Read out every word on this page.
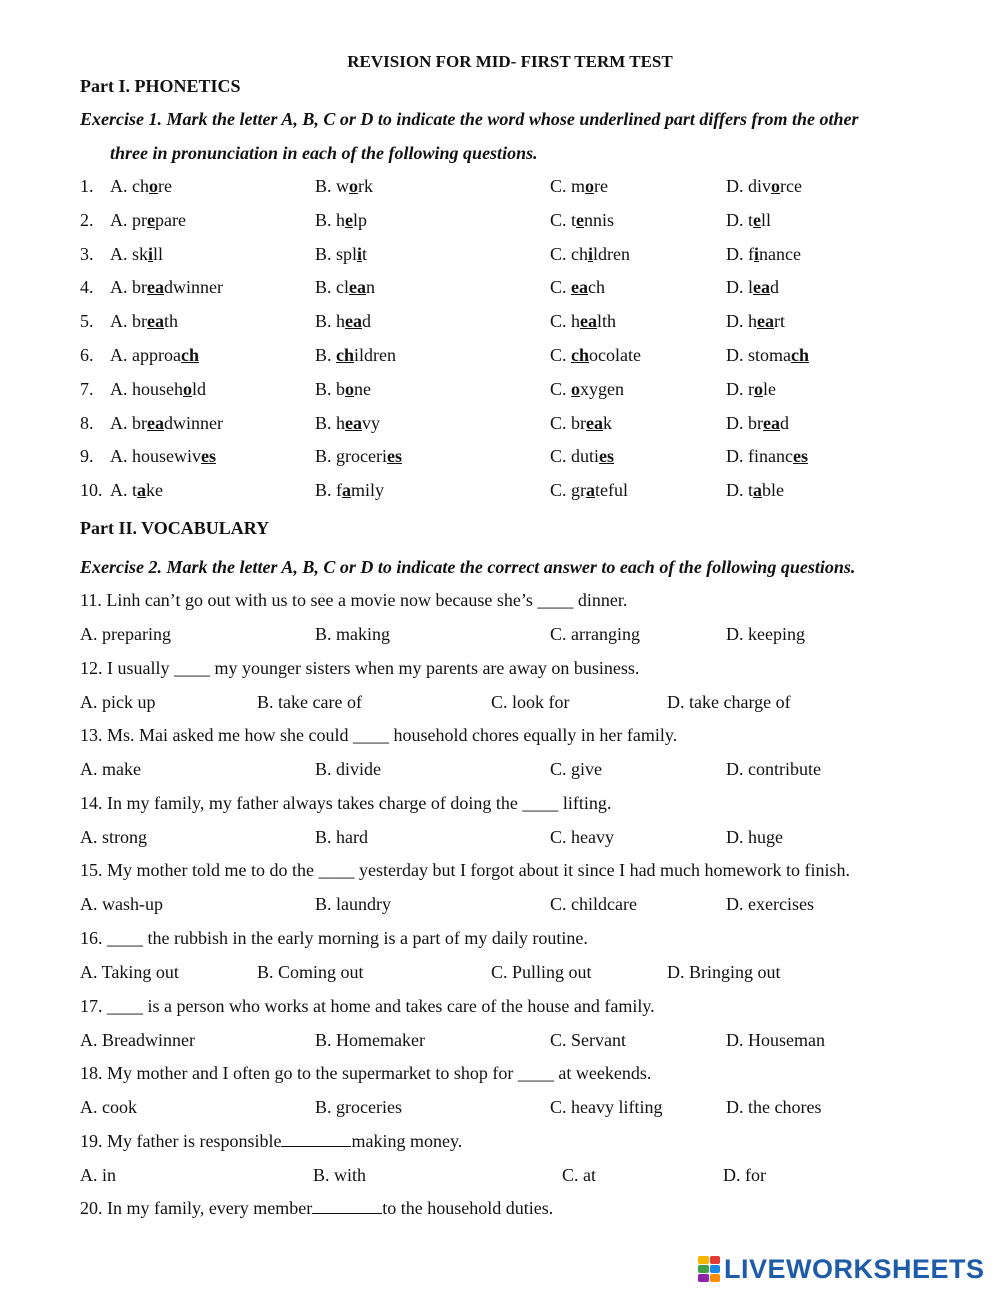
REVISION FOR MID- FIRST TERM TEST
Part I. PHONETICS
Exercise 1. Mark the letter A, B, C or D to indicate the word whose underlined part differs from the other
three in pronunciation in each of the following questions.
1. A. chore	B. work	C. more	D. divorce
2. A. prepare	B. help	C. tennis	D. tell
3. A. skill	B. split	C. children	D. finance
4. A. breadwinner	B. clean	C. each	D. lead
5. A. breath	B. head	C. health	D. heart
6. A. approach	B. children	C. chocolate	D. stomach
7. A. household	B. bone	C. oxygen	D. role
8. A. breadwinner	B. heavy	C. break	D. bread
9. A. housewives	B. groceries	C. duties	D. finances
10. A. take	B. family	C. grateful	D. table
Part II. VOCABULARY
Exercise 2. Mark the letter A, B, C or D to indicate the correct answer to each of the following questions.
11. Linh can’t go out with us to see a movie now because she’s ____ dinner.
A. preparing	B. making	C. arranging	D. keeping
12. I usually ____ my younger sisters when my parents are away on business.
A. pick up	B. take care of	C. look for	D. take charge of
13. Ms. Mai asked me how she could ____ household chores equally in her family.
A. make	B. divide	C. give	D. contribute
14. In my family, my father always takes charge of doing the ____ lifting.
A. strong	B. hard	C. heavy	D. huge
15. My mother told me to do the ____ yesterday but I forgot about it since I had much homework to finish.
A. wash-up	B. laundry	C. childcare	D. exercises
16. ____ the rubbish in the early morning is a part of my daily routine.
A. Taking out	B. Coming out	C. Pulling out	D. Bringing out
17. ____ is a person who works at home and takes care of the house and family.
A. Breadwinner	B. Homemaker	C. Servant	D. Houseman
18. My mother and I often go to the supermarket to shop for ____ at weekends.
A. cook	B. groceries	C. heavy lifting	D. the chores
19. My father is responsible	making money.
A. in	B. with	C. at	D. for
20. In my family, every member	to the household duties.
LIVEWORKSHEETS
